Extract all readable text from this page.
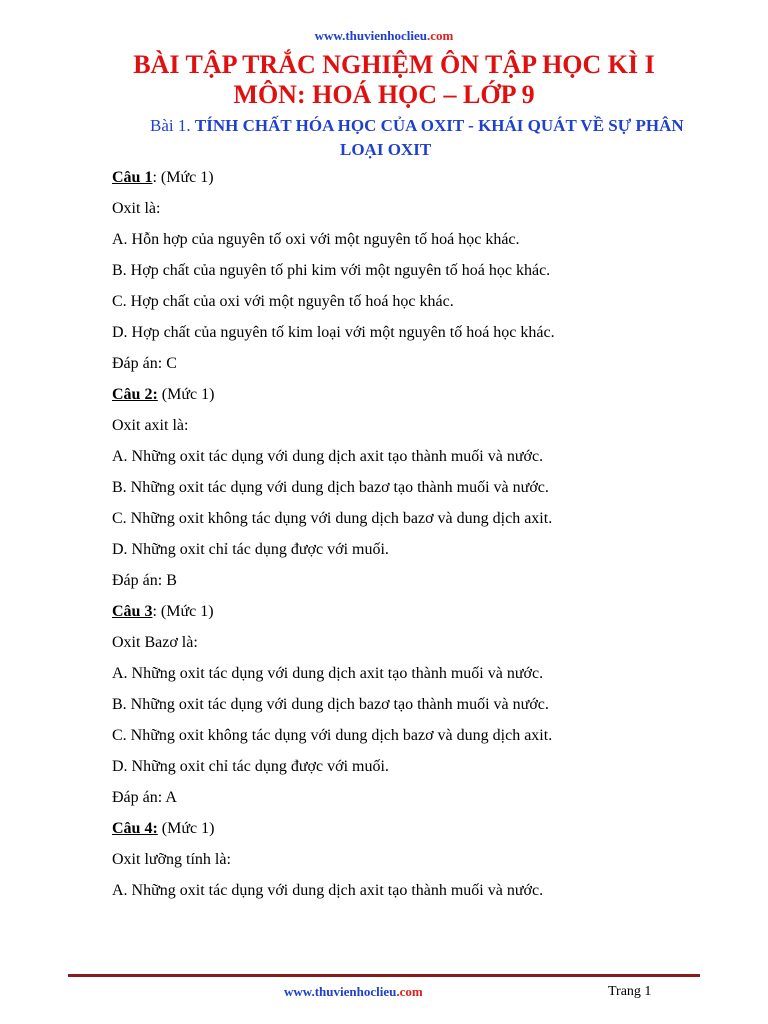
www.thuvienhoclieu.com
BÀI TẬP TRẮC NGHIỆM ÔN TẬP HỌC KÌ I
MÔN: HOÁ HỌC – LỚP 9
Bài 1. TÍNH CHẤT HÓA HỌC CỦA OXIT - KHÁI QUÁT VỀ SỰ PHÂN
LOẠI OXIT
Câu 1: (Mức 1)
Oxit là:
A. Hỗn hợp của nguyên tố oxi với một nguyên tố hoá học khác.
B. Hợp chất của nguyên tố phi kim với một nguyên tố hoá học khác.
C. Hợp chất của oxi với một nguyên tố hoá học khác.
D. Hợp chất của nguyên tố kim loại với một nguyên tố hoá học khác.
Đáp án: C
Câu 2: (Mức 1)
Oxit axit là:
A. Những oxit tác dụng với dung dịch axit tạo thành muối và nước.
B. Những oxit tác dụng với dung dịch bazơ tạo thành muối và nước.
C. Những oxit không tác dụng với dung dịch bazơ và dung dịch axit.
D. Những oxit chỉ tác dụng được với muối.
Đáp án: B
Câu 3: (Mức 1)
Oxit Bazơ là:
A. Những oxit tác dụng với dung dịch axit tạo thành muối và nước.
B. Những oxit tác dụng với dung dịch bazơ tạo thành muối và nước.
C. Những oxit không tác dụng với dung dịch bazơ và dung dịch axit.
D. Những oxit chỉ tác dụng được với muối.
Đáp án: A
Câu 4: (Mức 1)
Oxit lưỡng tính là:
A. Những oxit tác dụng với dung dịch axit tạo thành muối và nước.
www.thuvienhoclieu.com	Trang 1
